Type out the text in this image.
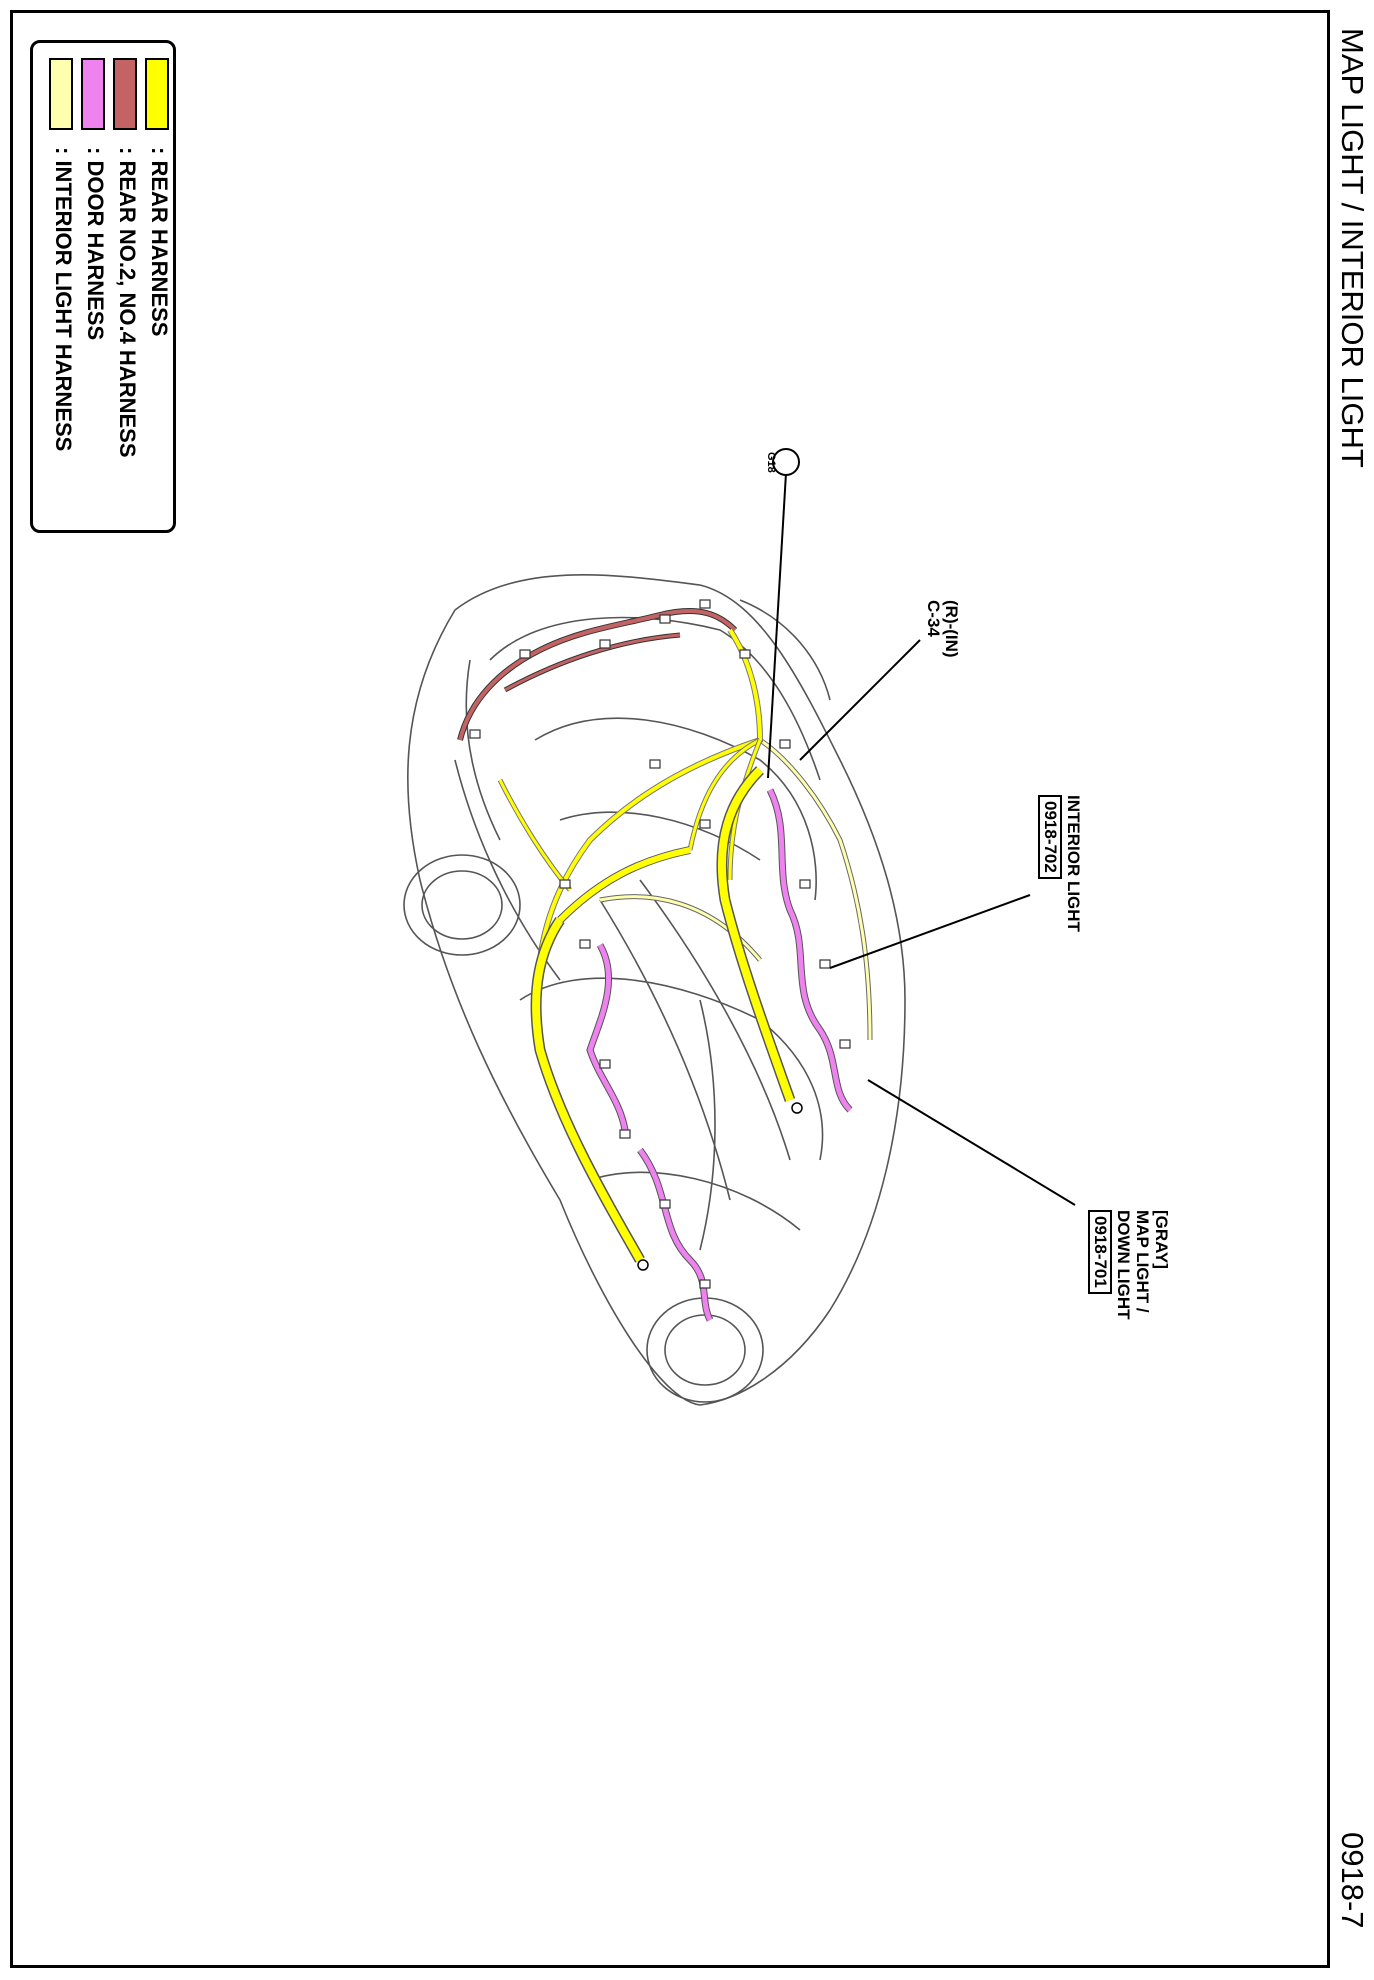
MAP LIGHT / INTERIOR LIGHT
0918-7
: REAR HARNESS
: REAR NO.2, NO.4 HARNESS
: DOOR HARNESS
: INTERIOR LIGHT HARNESS
G18
(R)-(IN)
C-34
INTERIOR LIGHT
0918-702
[GRAY]
MAP LIGHT /
DOWN LIGHT
0918-701
